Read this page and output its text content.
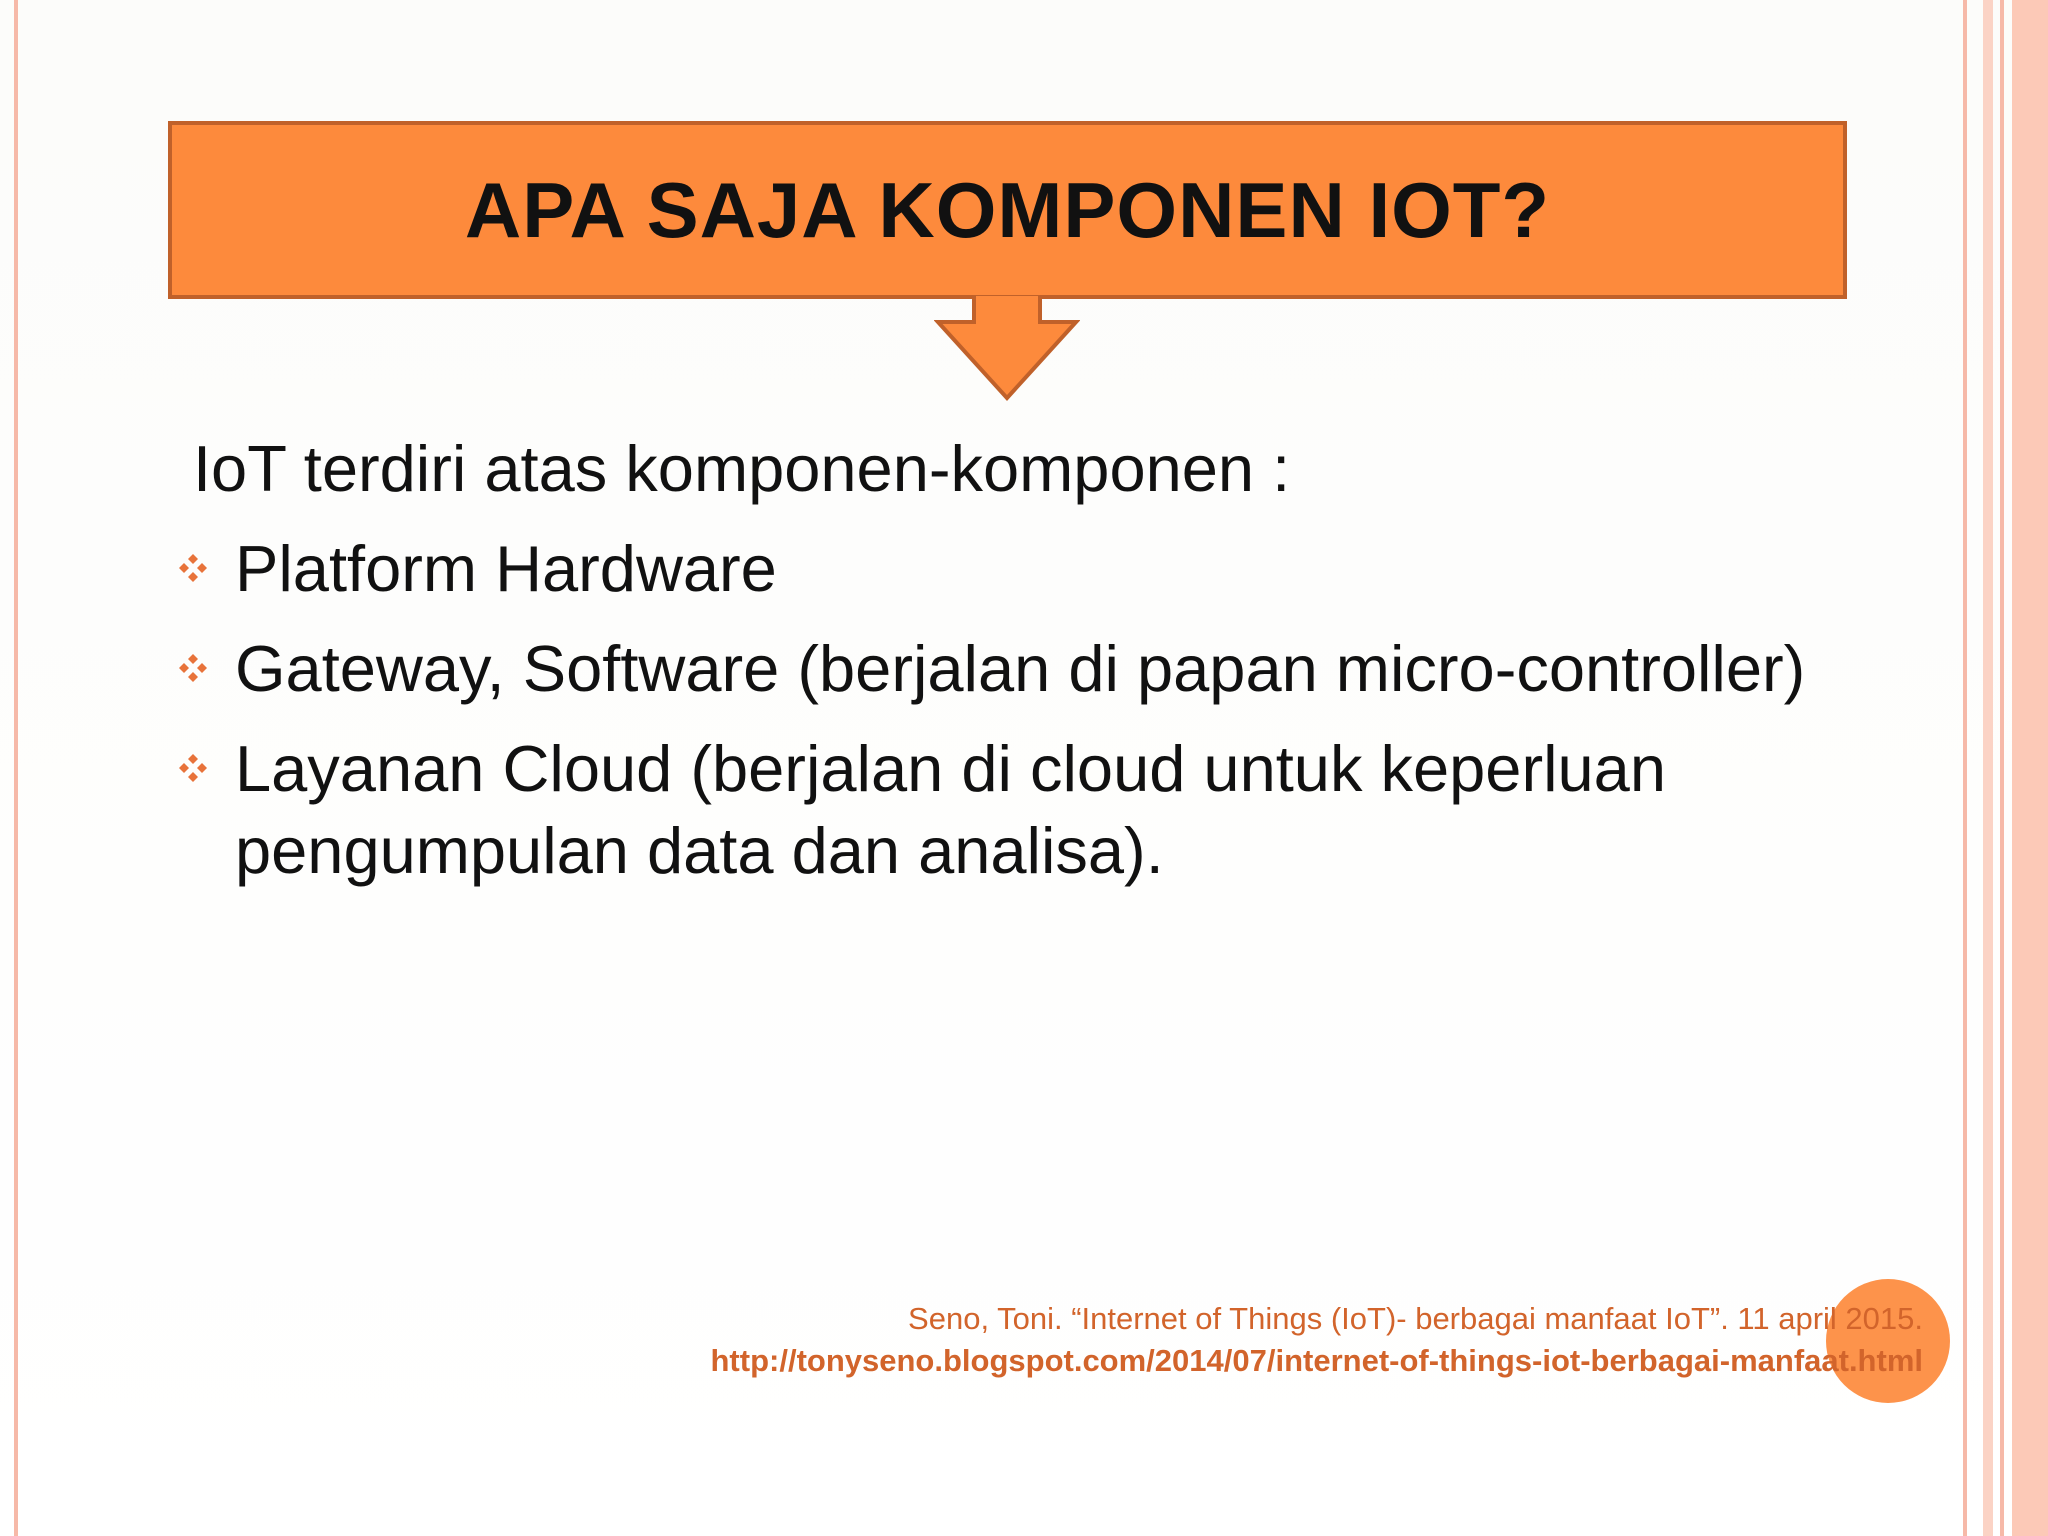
APA SAJA KOMPONEN IOT?
IoT terdiri atas komponen-komponen :
Platform Hardware
Gateway, Software (berjalan di papan micro-controller)
Layanan Cloud (berjalan di cloud untuk keperluan pengumpulan data dan analisa).
Seno, Toni. “Internet of Things (IoT)- berbagai manfaat IoT”. 11 april 2015.
http://tonyseno.blogspot.com/2014/07/internet-of-things-iot-berbagai-manfaat.html
